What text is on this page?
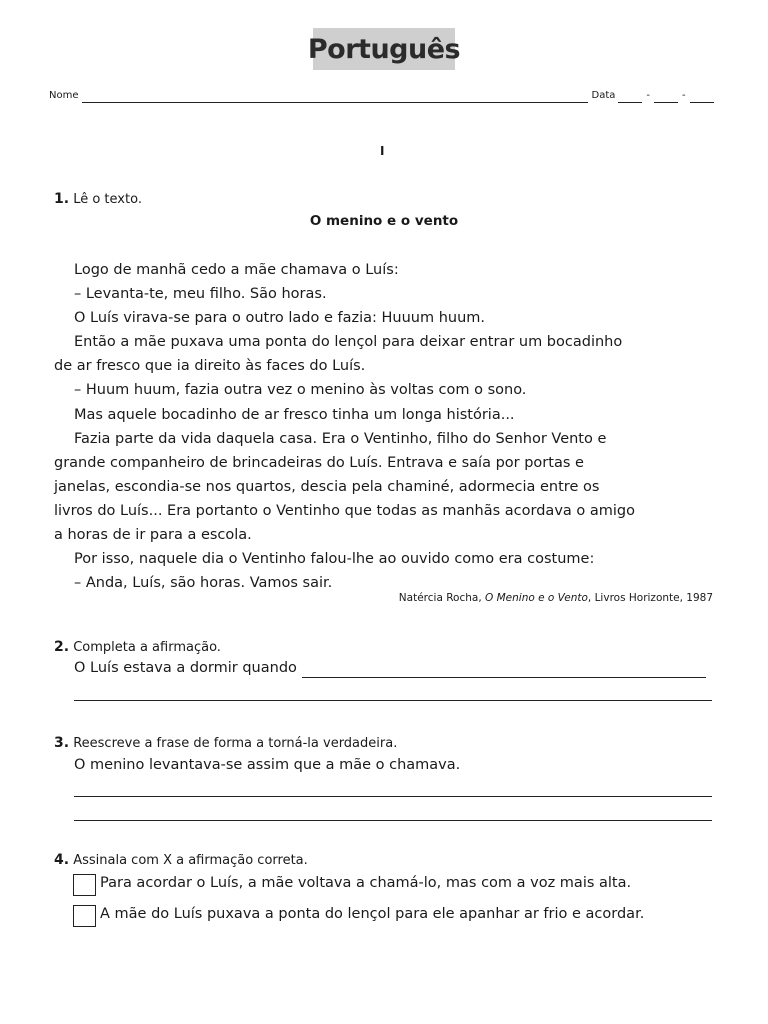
Português
Nome	Data	-	-
I
1. Lê o texto.
O menino e o vento

Logo de manhã cedo a mãe chamava o Luís:

– Levanta-te, meu filho. São horas.

O Luís virava-se para o outro lado e fazia: Huuum huum.

Então a mãe puxava uma ponta do lençol para deixar entrar um bocadinho

de ar fresco que ia direito às faces do Luís.

– Huum huum, fazia outra vez o menino às voltas com o sono.

Mas aquele bocadinho de ar fresco tinha um longa história...

Fazia parte da vida daquela casa. Era o Ventinho, filho do Senhor Vento e

grande companheiro de brincadeiras do Luís. Entrava e saía por portas e

janelas, escondia-se nos quartos, descia pela chaminé, adormecia entre os

livros do Luís... Era portanto o Ventinho que todas as manhãs acordava o amigo

a horas de ir para a escola.

Por isso, naquele dia o Ventinho falou-lhe ao ouvido como era costume:

– Anda, Luís, são horas. Vamos sair.

Natércia Rocha, O Menino e o Vento, Livros Horizonte, 1987
2. Completa a afirmação.
O Luís estava a dormir quando
3. Reescreve a frase de forma a torná-la verdadeira.
O menino levantava-se assim que a mãe o chamava.
4. Assinala com X a afirmação correta.
Para acordar o Luís, a mãe voltava a chamá-lo, mas com a voz mais alta.
A mãe do Luís puxava a ponta do lençol para ele apanhar ar frio e acordar.
